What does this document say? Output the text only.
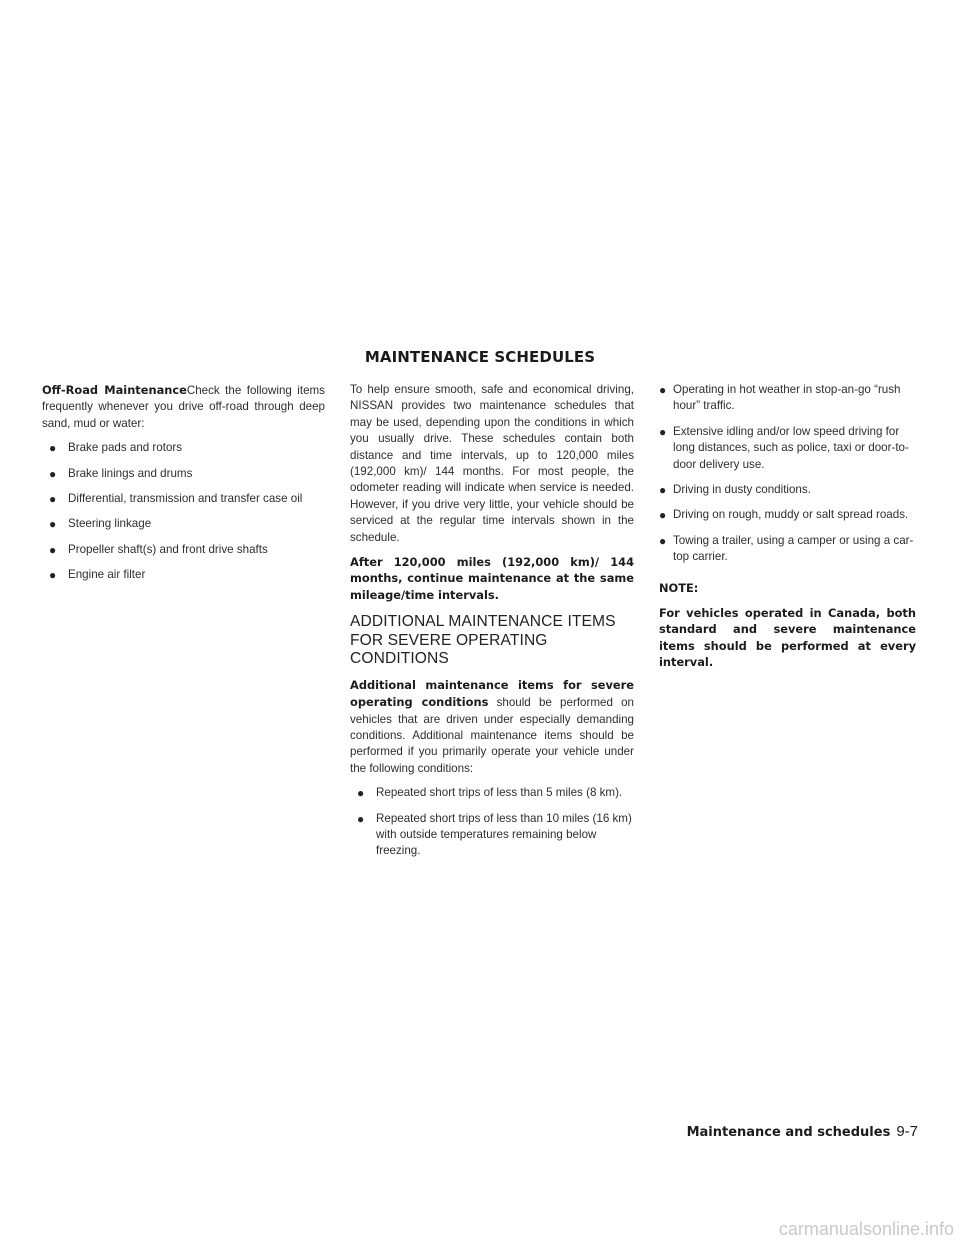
MAINTENANCE SCHEDULES

Off-Road MaintenanceCheck the following items frequently whenever you drive off-road through deep sand, mud or water:

● Brake pads and rotors
● Brake linings and drums
● Differential, transmission and transfer case oil
● Steering linkage
● Propeller shaft(s) and front drive shafts
● Engine air filter

To help ensure smooth, safe and economical driving, NISSAN provides two maintenance schedules that may be used, depending upon the conditions in which you usually drive. These schedules contain both distance and time intervals, up to 120,000 miles (192,000 km)/ 144 months. For most people, the odometer reading will indicate when service is needed. However, if you drive very little, your vehicle should be serviced at the regular time intervals shown in the schedule.

After 120,000 miles (192,000 km)/ 144 months, continue maintenance at the same mileage/time intervals.

ADDITIONAL MAINTENANCE ITEMS FOR SEVERE OPERATING CONDITIONS

Additional maintenance items for severe operating conditions should be performed on vehicles that are driven under especially demanding conditions. Additional maintenance items should be performed if you primarily operate your vehicle under the following conditions:

● Repeated short trips of less than 5 miles (8 km).
● Repeated short trips of less than 10 miles (16 km) with outside temperatures remaining below freezing.
● Operating in hot weather in stop-an-go “rush hour” traffic.
● Extensive idling and/or low speed driving for long distances, such as police, taxi or door-to-door delivery use.
● Driving in dusty conditions.
● Driving on rough, muddy or salt spread roads.
● Towing a trailer, using a camper or using a car-top carrier.
NOTE:

For vehicles operated in Canada, both standard and severe maintenance items should be performed at every interval.

Maintenance and schedules 9-7
carmanualsonline.info
